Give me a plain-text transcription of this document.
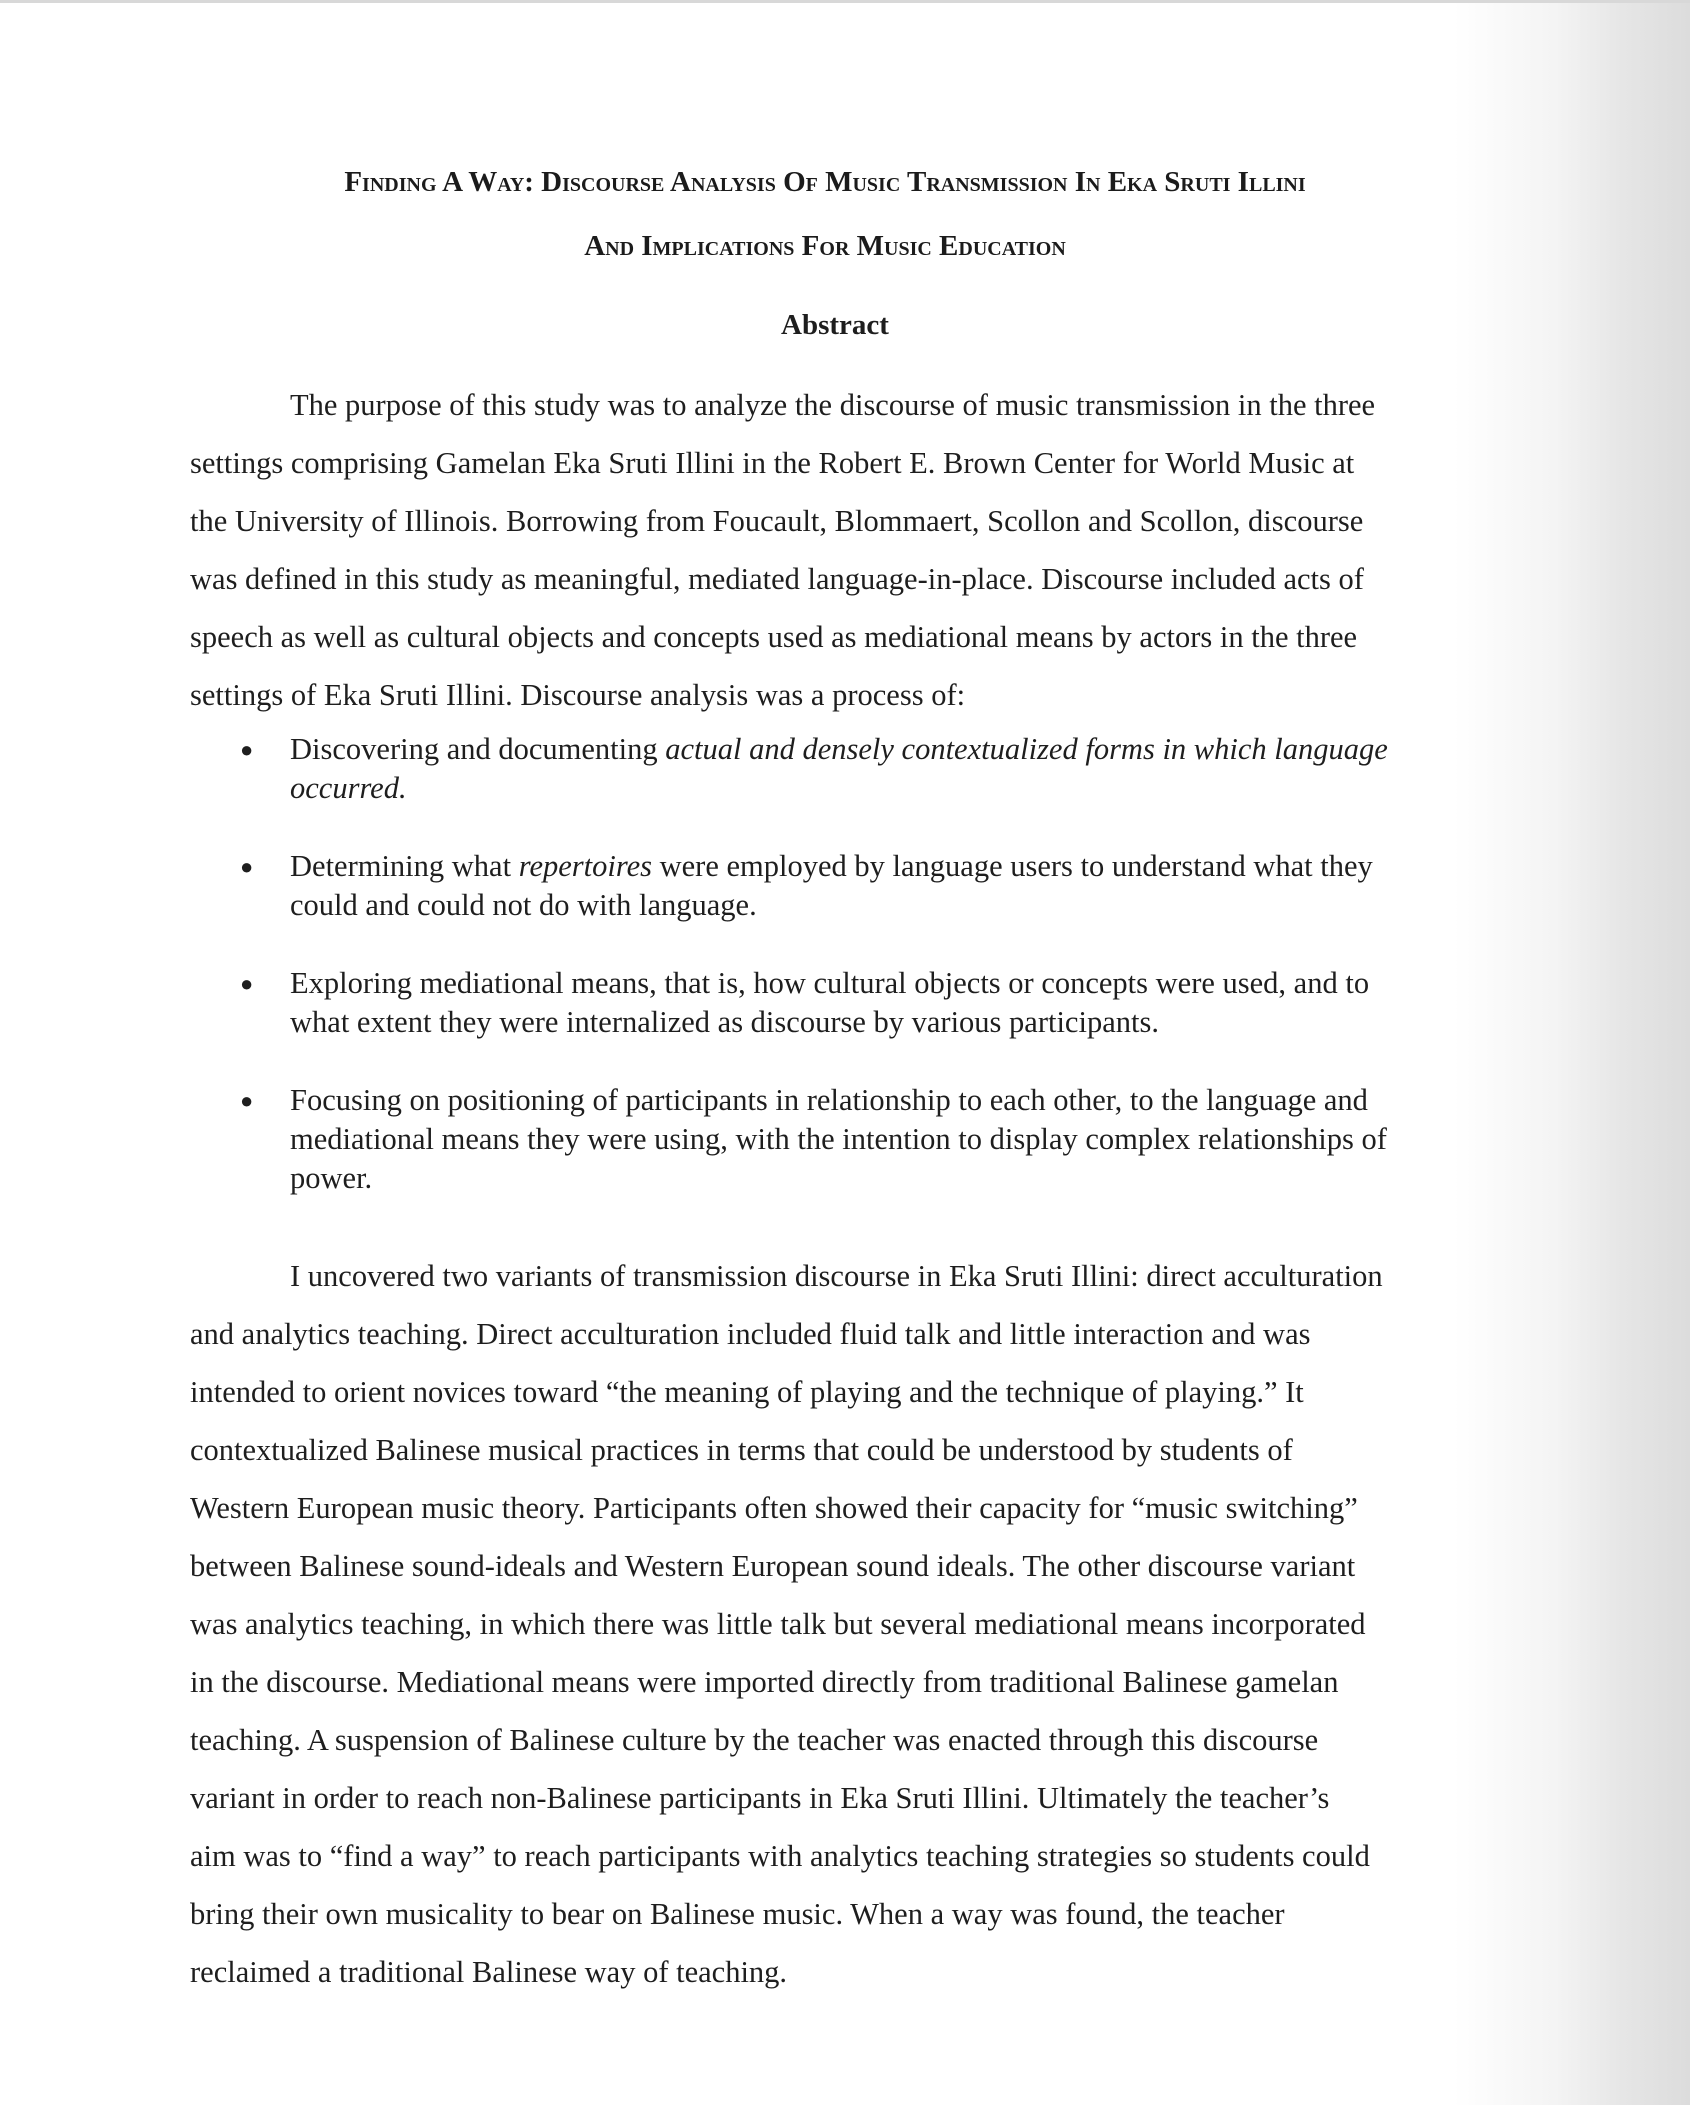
Finding A Way: Discourse Analysis Of Music Transmission In Eka Sruti Illini
And Implications For Music Education
Abstract

The purpose of this study was to analyze the discourse of music transmission in the three
settings comprising Gamelan Eka Sruti Illini in the Robert E. Brown Center for World Music at
the University of Illinois. Borrowing from Foucault, Blommaert, Scollon and Scollon, discourse
was defined in this study as meaningful, mediated language-in-place. Discourse included acts of
speech as well as cultural objects and concepts used as mediational means by actors in the three
settings of Eka Sruti Illini. Discourse analysis was a process of:

● Discovering and documenting actual and densely contextualized forms in which language
occurred.
● Determining what repertoires were employed by language users to understand what they
could and could not do with language.
● Exploring mediational means, that is, how cultural objects or concepts were used, and to
what extent they were internalized as discourse by various participants.
● Focusing on positioning of participants in relationship to each other, to the language and
mediational means they were using, with the intention to display complex relationships of
power.

I uncovered two variants of transmission discourse in Eka Sruti Illini: direct acculturation
and analytics teaching. Direct acculturation included fluid talk and little interaction and was
intended to orient novices toward “the meaning of playing and the technique of playing.” It
contextualized Balinese musical practices in terms that could be understood by students of
Western European music theory. Participants often showed their capacity for “music switching”
between Balinese sound-ideals and Western European sound ideals. The other discourse variant
was analytics teaching, in which there was little talk but several mediational means incorporated
in the discourse. Mediational means were imported directly from traditional Balinese gamelan
teaching. A suspension of Balinese culture by the teacher was enacted through this discourse
variant in order to reach non-Balinese participants in Eka Sruti Illini. Ultimately the teacher’s
aim was to “find a way” to reach participants with analytics teaching strategies so students could
bring their own musicality to bear on Balinese music. When a way was found, the teacher
reclaimed a traditional Balinese way of teaching.
